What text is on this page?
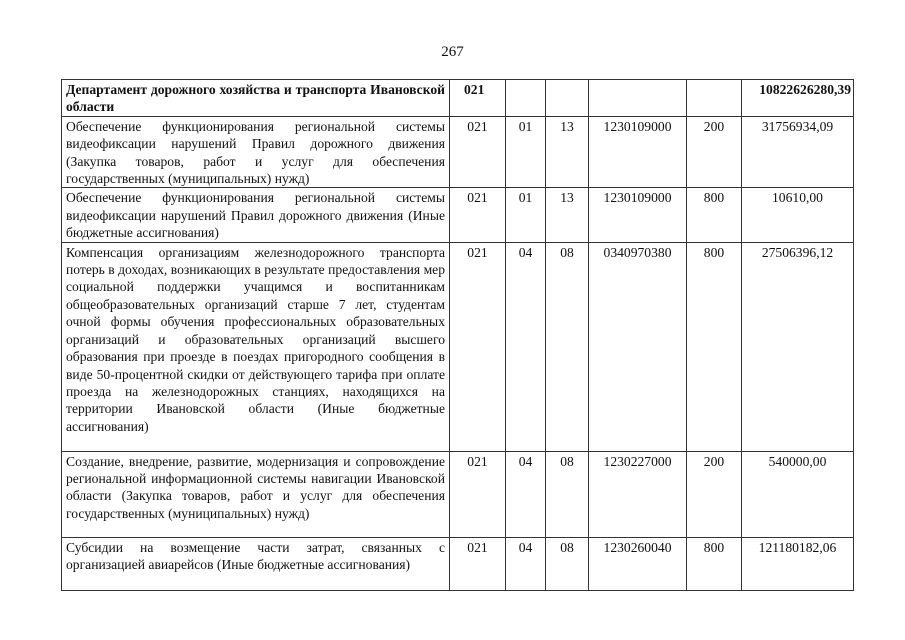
267
Департамент дорожного хозяйства и транспорта Ивановской области	021					10822626280,39
Обеспечение функционирования региональной системы видеофиксации нарушений Правил дорожного движения (Закупка товаров, работ и услуг для обеспечения государственных (муниципальных) нужд)	021	01	13	1230109000	200	31756934,09
Обеспечение функционирования региональной системы видеофиксации нарушений Правил дорожного движения (Иные бюджетные ассигнования)	021	01	13	1230109000	800	10610,00
Компенсация организациям железнодорожного транспорта потерь в доходах, возникающих в результате предоставления мер социальной поддержки учащимся и воспитанникам общеобразовательных организаций старше 7 лет, студентам очной формы обучения профессиональных образовательных организаций и образовательных организаций высшего образования при проезде в поездах пригородного сообщения в виде 50-процентной скидки от действующего тарифа при оплате проезда на железнодорожных станциях, находящихся на территории Ивановской области (Иные бюджетные ассигнования)	021	04	08	0340970380	800	27506396,12
Создание, внедрение, развитие, модернизация и сопровождение региональной информационной системы навигации Ивановской области (Закупка товаров, работ и услуг для обеспечения государственных (муниципальных) нужд)	021	04	08	1230227000	200	540000,00
Субсидии на возмещение части затрат, связанных с организацией авиарейсов (Иные бюджетные ассигнования)	021	04	08	1230260040	800	121180182,06
